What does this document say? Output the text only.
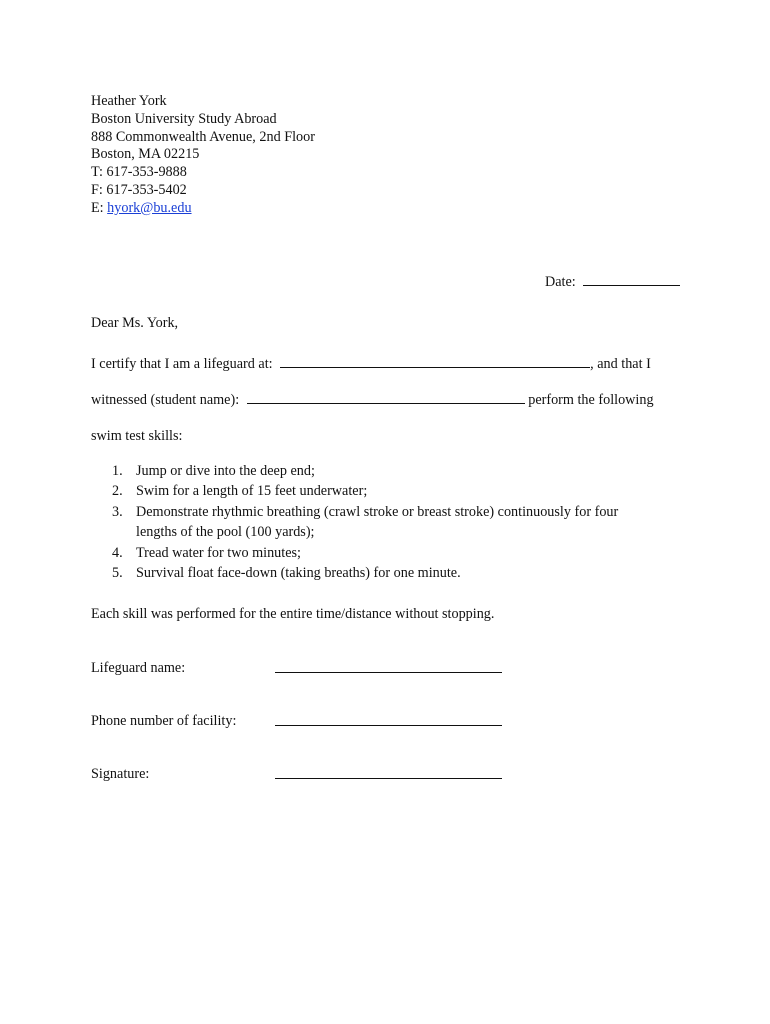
Heather York
Boston University Study Abroad
888 Commonwealth Avenue, 2nd Floor
Boston, MA 02215
T: 617-353-9888
F: 617-353-5402
E: hyork@bu.edu
Date:
Dear Ms. York,
I certify that I am a lifeguard at:	, and that I
witnessed (student name):	perform the following
swim test skills:
1. Jump or dive into the deep end;
2. Swim for a length of 15 feet underwater;
3. Demonstrate rhythmic breathing (crawl stroke or breast stroke) continuously for four
lengths of the pool (100 yards);
4. Tread water for two minutes;
5. Survival float face-down (taking breaths) for one minute.
Each skill was performed for the entire time/distance without stopping.
Lifeguard name:
Phone number of facility:
Signature:
